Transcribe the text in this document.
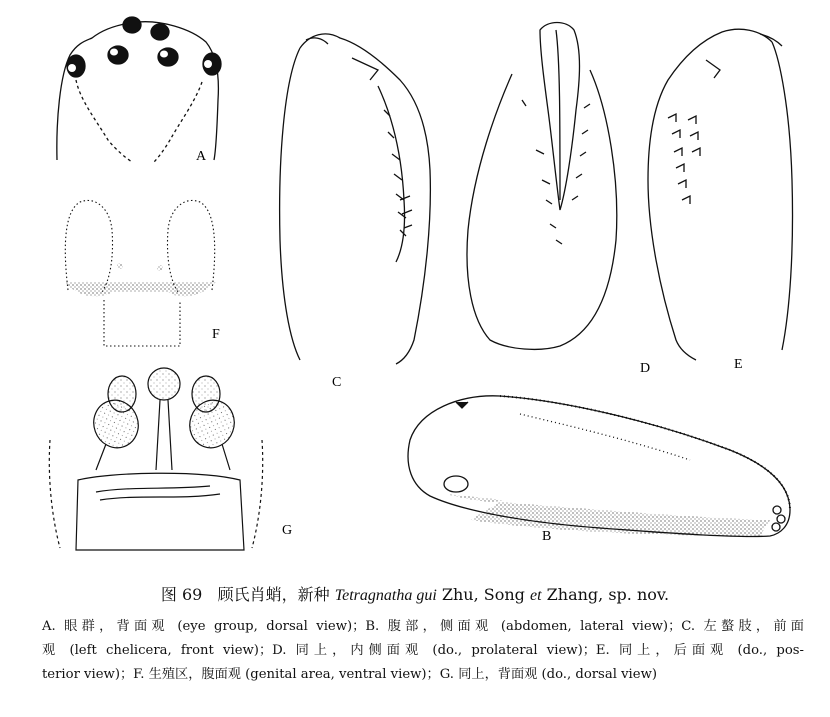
A
F
G
C
D	E
B
图 69 顾氏肖蛸，新种 Tetragnatha gui Zhu, Song et Zhang, sp. nov.
A. 眼群，背面观 (eye group, dorsal view)；B. 腹部，侧面观 (abdomen, lateral view)；C. 左螯肢，前面
观 (left chelicera, front view)；D. 同上，内侧面观 (do., prolateral view)；E. 同上，后面观 (do., pos-
terior view)；F. 生殖区，腹面观 (genital area, ventral view)；G. 同上，背面观 (do., dorsal view)
